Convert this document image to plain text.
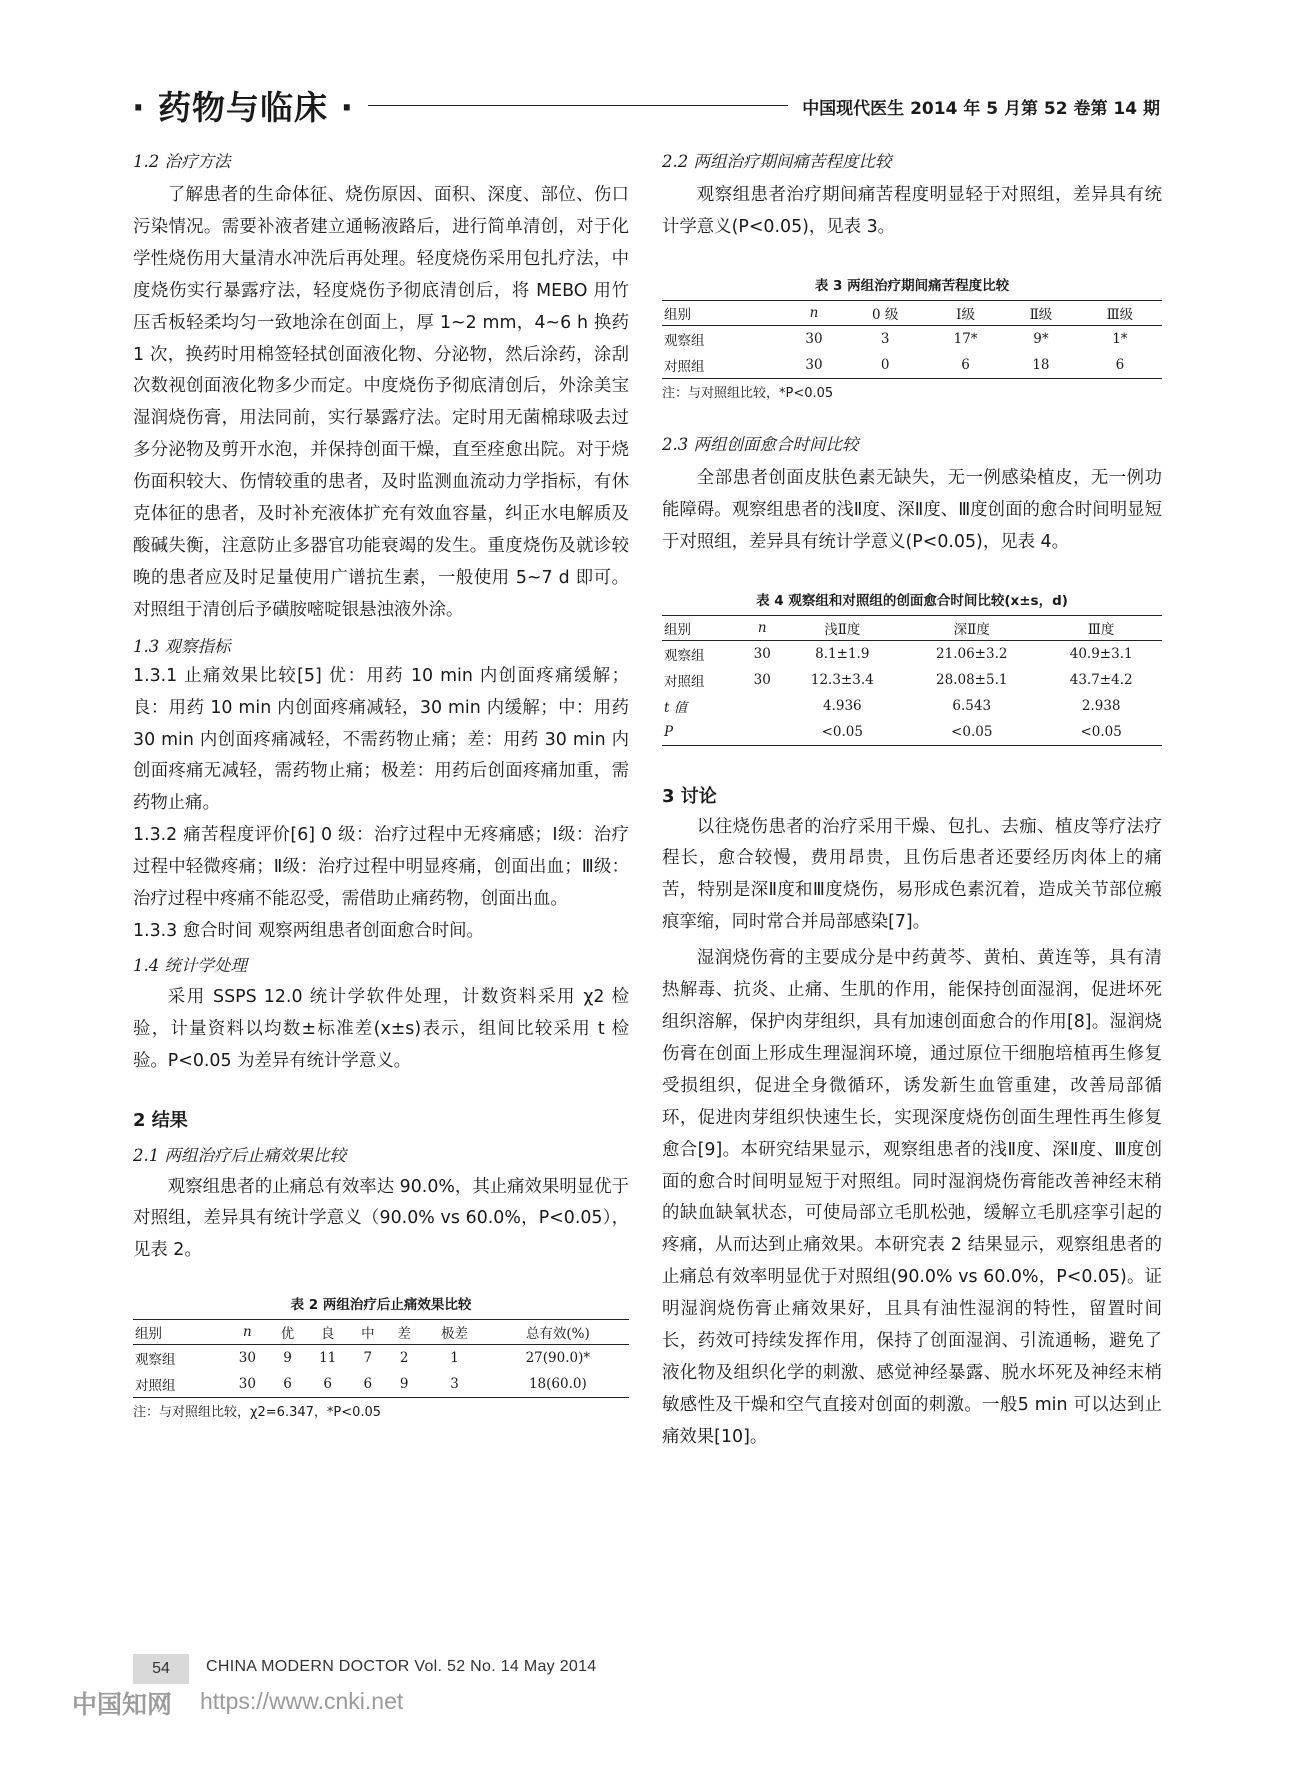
· 药物与临床 ·	中国现代医生 2014 年 5 月第 52 卷第 14 期

1.2 治疗方法

了解患者的生命体征、烧伤原因、面积、深度、部位、伤口污染情况。需要补液者建立通畅液路后，进行简单清创，对于化学性烧伤用大量清水冲洗后再处理。轻度烧伤采用包扎疗法，中度烧伤实行暴露疗法，轻度烧伤予彻底清创后，将 MEBO 用竹压舌板轻柔均匀一致地涂在创面上，厚 1~2 mm，4~6 h 换药 1 次，换药时用棉签轻拭创面液化物、分泌物，然后涂药，涂刮次数视创面液化物多少而定。中度烧伤予彻底清创后，外涂美宝湿润烧伤膏，用法同前，实行暴露疗法。定时用无菌棉球吸去过多分泌物及剪开水泡，并保持创面干燥，直至痊愈出院。对于烧伤面积较大、伤情较重的患者，及时监测血流动力学指标，有休克体征的患者，及时补充液体扩充有效血容量，纠正水电解质及酸碱失衡，注意防止多器官功能衰竭的发生。重度烧伤及就诊较晚的患者应及时足量使用广谱抗生素，一般使用 5~7 d 即可。对照组于清创后予磺胺嘧啶银悬浊液外涂。

1.3 观察指标

1.3.1 止痛效果比较[5] 优：用药 10 min 内创面疼痛缓解；良：用药 10 min 内创面疼痛减轻，30 min 内缓解；中：用药 30 min 内创面疼痛减轻，不需药物止痛；差：用药 30 min 内创面疼痛无减轻，需药物止痛；极差：用药后创面疼痛加重，需药物止痛。

1.3.2 痛苦程度评价[6] 0 级：治疗过程中无疼痛感；Ⅰ级：治疗过程中轻微疼痛；Ⅱ级：治疗过程中明显疼痛，创面出血；Ⅲ级：治疗过程中疼痛不能忍受，需借助止痛药物，创面出血。

1.3.3 愈合时间 观察两组患者创面愈合时间。

1.4 统计学处理

采用 SSPS 12.0 统计学软件处理，计数资料采用 χ2 检验，计量资料以均数±标准差(x±s)表示，组间比较采用 t 检验。P<0.05 为差异有统计学意义。

2 结果

2.1 两组治疗后止痛效果比较

观察组患者的止痛总有效率达 90.0%，其止痛效果明显优于对照组，差异具有统计学意义（90.0% vs 60.0%，P<0.05），见表 2。

表 2 两组治疗后止痛效果比较

组别	n	优	良	中	差	极差	总有效(%)
观察组	30	9	11	7	2	1	27(90.0)*
对照组	30	6	6	6	9	3	18(60.0)

注：与对照组比较，χ2=6.347，*P<0.05

2.2 两组治疗期间痛苦程度比较

观察组患者治疗期间痛苦程度明显轻于对照组，差异具有统计学意义(P<0.05)，见表 3。

表 3 两组治疗期间痛苦程度比较

组别	n	0 级	Ⅰ级	Ⅱ级	Ⅲ级
观察组	30	3	17*	9*	1*
对照组	30	0	6	18	6

注：与对照组比较，*P<0.05

2.3 两组创面愈合时间比较

全部患者创面皮肤色素无缺失，无一例感染植皮，无一例功能障碍。观察组患者的浅Ⅱ度、深Ⅱ度、Ⅲ度创面的愈合时间明显短于对照组，差异具有统计学意义(P<0.05)，见表 4。

表 4 观察组和对照组的创面愈合时间比较(x±s，d)

组别	n	浅Ⅱ度	深Ⅱ度	Ⅲ度
观察组	30	8.1±1.9	21.06±3.2	40.9±3.1
对照组	30	12.3±3.4	28.08±5.1	43.7±4.2
t 值		4.936	6.543	2.938
P		<0.05	<0.05	<0.05

3 讨论

以往烧伤患者的治疗采用干燥、包扎、去痂、植皮等疗法疗程长，愈合较慢，费用昂贵，且伤后患者还要经历肉体上的痛苦，特别是深Ⅱ度和Ⅲ度烧伤，易形成色素沉着，造成关节部位瘢痕挛缩，同时常合并局部感染[7]。

湿润烧伤膏的主要成分是中药黄芩、黄柏、黄连等，具有清热解毒、抗炎、止痛、生肌的作用，能保持创面湿润，促进坏死组织溶解，保护肉芽组织，具有加速创面愈合的作用[8]。湿润烧伤膏在创面上形成生理湿润环境，通过原位干细胞培植再生修复受损组织，促进全身微循环，诱发新生血管重建，改善局部循环，促进肉芽组织快速生长，实现深度烧伤创面生理性再生修复愈合[9]。本研究结果显示，观察组患者的浅Ⅱ度、深Ⅱ度、Ⅲ度创面的愈合时间明显短于对照组。同时湿润烧伤膏能改善神经末稍的缺血缺氧状态，可使局部立毛肌松弛，缓解立毛肌痉挛引起的疼痛，从而达到止痛效果。本研究表 2 结果显示，观察组患者的止痛总有效率明显优于对照组(90.0% vs 60.0%，P<0.05)。证明湿润烧伤膏止痛效果好，且具有油性湿润的特性，留置时间长，药效可持续发挥作用，保持了创面湿润、引流通畅，避免了液化物及组织化学的刺激、感觉神经暴露、脱水坏死及神经末梢敏感性及干燥和空气直接对创面的刺激。一般5 min 可以达到止痛效果[10]。

54	CHINA MODERN DOCTOR Vol. 52 No. 14 May 2014
中国知网 https://www.cnki.net
